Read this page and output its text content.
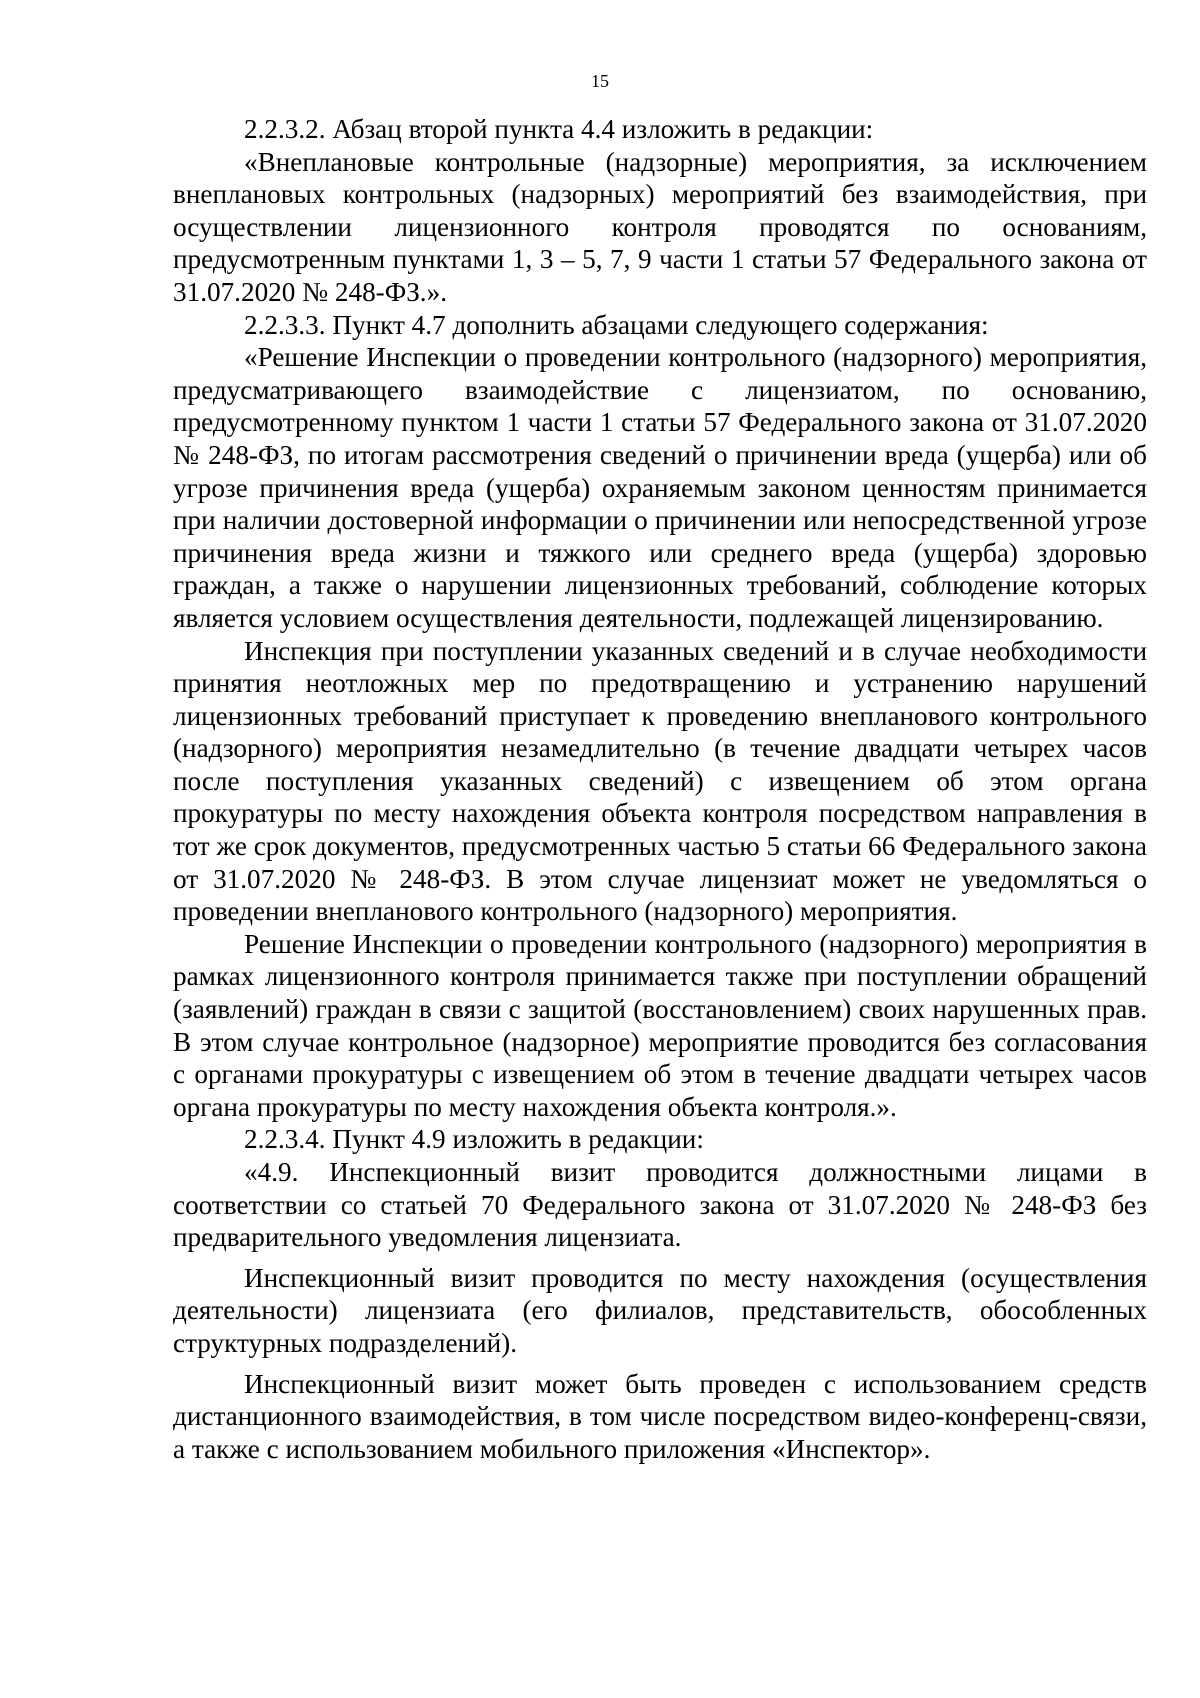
15

2.2.3.2. Абзац второй пункта 4.4 изложить в редакции:

«Внеплановые контрольные (надзорные) мероприятия, за исключением внеплановых контрольных (надзорных) мероприятий без взаимодействия, при осуществлении лицензионного контроля проводятся по основаниям, предусмотренным пунктами 1, 3 – 5, 7, 9 части 1 статьи 57 Федерального закона от 31.07.2020 № 248-ФЗ.».

2.2.3.3. Пункт 4.7 дополнить абзацами следующего содержания:

«Решение Инспекции о проведении контрольного (надзорного) мероприятия, предусматривающего взаимодействие с лицензиатом, по основанию, предусмотренному пунктом 1 части 1 статьи 57 Федерального закона от 31.07.2020 № 248-ФЗ, по итогам рассмотрения сведений о причинении вреда (ущерба) или об угрозе причинения вреда (ущерба) охраняемым законом ценностям принимается при наличии достоверной информации о причинении или непосредственной угрозе причинения вреда жизни и тяжкого или среднего вреда (ущерба) здоровью граждан, а также о нарушении лицензионных требований, соблюдение которых является условием осуществления деятельности, подлежащей лицензированию.

Инспекция при поступлении указанных сведений и в случае необходимости принятия неотложных мер по предотвращению и устранению нарушений лицензионных требований приступает к проведению внепланового контрольного (надзорного) мероприятия незамедлительно (в течение двадцати четырех часов после поступления указанных сведений) с извещением об этом органа прокуратуры по месту нахождения объекта контроля посредством направления в тот же срок документов, предусмотренных частью 5 статьи 66 Федерального закона от 31.07.2020 № 248-ФЗ. В этом случае лицензиат может не уведомляться о проведении внепланового контрольного (надзорного) мероприятия.

Решение Инспекции о проведении контрольного (надзорного) мероприятия в рамках лицензионного контроля принимается также при поступлении обращений (заявлений) граждан в связи с защитой (восстановлением) своих нарушенных прав. В этом случае контрольное (надзорное) мероприятие проводится без согласования с органами прокуратуры с извещением об этом в течение двадцати четырех часов органа прокуратуры по месту нахождения объекта контроля.».

2.2.3.4. Пункт 4.9 изложить в редакции:

«4.9. Инспекционный визит проводится должностными лицами в соответствии со статьей 70 Федерального закона от 31.07.2020 № 248-ФЗ без предварительного уведомления лицензиата.

Инспекционный визит проводится по месту нахождения (осуществления деятельности) лицензиата (его филиалов, представительств, обособленных структурных подразделений).

Инспекционный визит может быть проведен с использованием средств дистанционного взаимодействия, в том числе посредством видео-конференц-связи, а также с использованием мобильного приложения «Инспектор».
